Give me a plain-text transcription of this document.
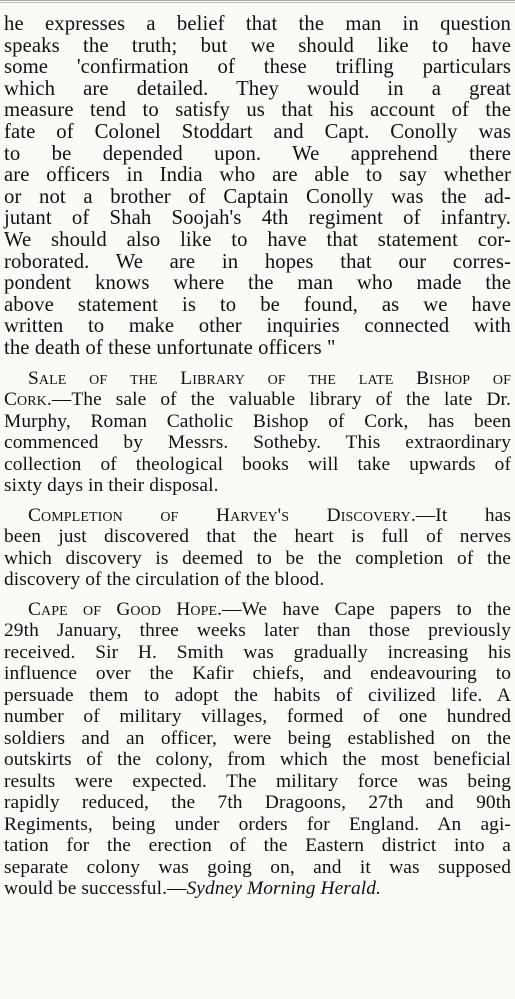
he expresses a belief that the man in question
speaks the truth; but we should like to have
some 'confirmation of these trifling particulars
which are detailed. They would in a great
measure tend to satisfy us that his account of the
fate of Colonel Stoddart and Capt. Conolly was
to be depended upon. We apprehend there
are officers in India who are able to say whether
or not a brother of Captain Conolly was the ad-
jutant of Shah Soojah's 4th regiment of infantry.
We should also like to have that statement cor-
roborated. We are in hopes that our corres-
pondent knows where the man who made the
above statement is to be found, as we have
written to make other inquiries connected with
the death of these unfortunate officers "
Sale of the Library of the late Bishop of
Cork.—The sale of the valuable library of the late Dr.
Murphy, Roman Catholic Bishop of Cork, has been
commenced by Messrs. Sotheby. This extraordinary
collection of theological books will take upwards of
sixty days in their disposal.
Completion of Harvey's Discovery.—It has
been just discovered that the heart is full of nerves
which discovery is deemed to be the completion of the
discovery of the circulation of the blood.
Cape of Good Hope.—We have Cape papers to the
29th January, three weeks later than those previously
received. Sir H. Smith was gradually increasing his
influence over the Kafir chiefs, and endeavouring to
persuade them to adopt the habits of civilized life. A
number of military villages, formed of one hundred
soldiers and an officer, were being established on the
outskirts of the colony, from which the most beneficial
results were expected. The military force was being
rapidly reduced, the 7th Dragoons, 27th and 90th
Regiments, being under orders for England. An agi-
tation for the erection of the Eastern district into a
separate colony was going on, and it was supposed
would be successful.—Sydney Morning Herald.
